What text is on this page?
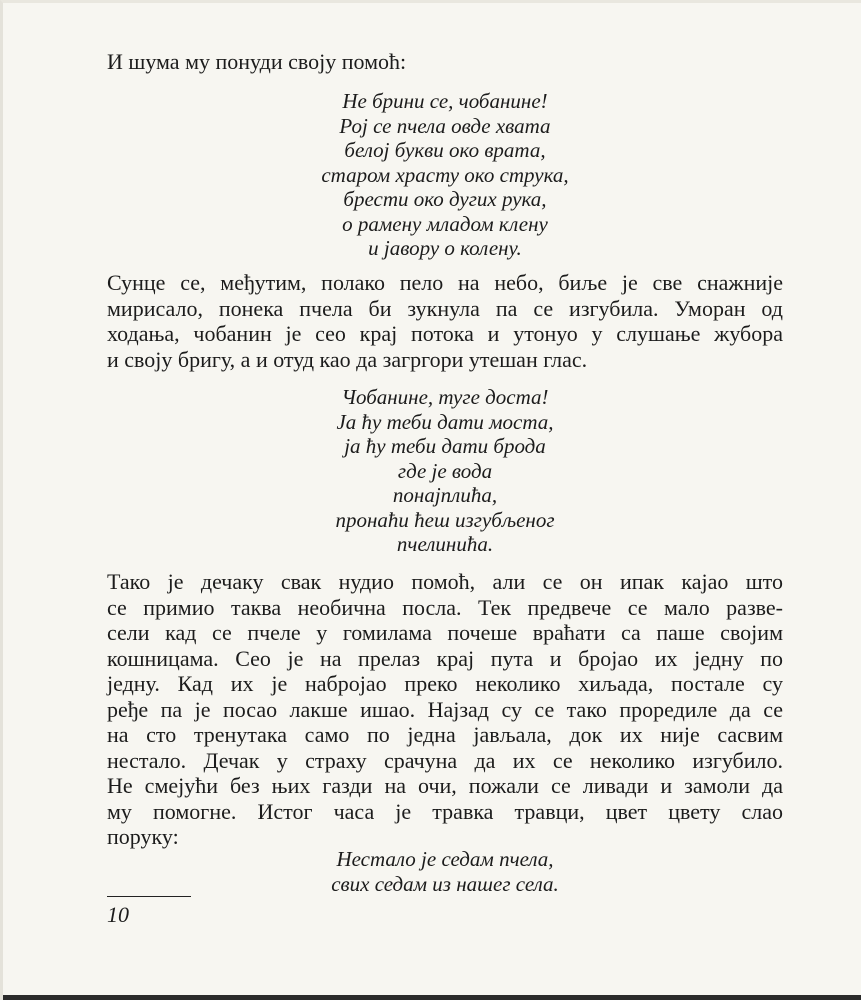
И шума му понуди своју помоћ:

Не брини се, чобанине!
Рој се пчела овде хвата
белој букви око врата,
старом храсту око струка,
брести око дугих рука,
о рамену младом клену
и јавору о колену.

Сунце се, међутим, полако пело на небо, биље је све снажније
мирисало, понека пчела би зукнула па се изгубила. Уморан од
ходања, чобанин је сео крај потока и утонуо у слушање жубора
и своју бригу, а и отуд као да загргори утешан глас.

Чобанине, туге доста!
Ја ћу теби дати моста,
ја ћу теби дати брода
где је вода
понајплића,
пронаћи ћеш изгубљеног
пчелинића.

Тако је дечаку свак нудио помоћ, али се он ипак кајао што
се примио таква необична посла. Тек предвече се мало разве-
сели кад се пчеле у гомилама почеше враћати са паше својим
кошницама. Сео је на прелаз крај пута и бројао их једну по
једну. Кад их је набројао преко неколико хиљада, постале су
ређе па је посао лакше ишао. Најзад су се тако проредиле да се
на сто тренутака само по једна јављала, док их није сасвим
нестало. Дечак у страху срачуна да их се неколико изгубило.
Не смејући без њих газди на очи, пожали се ливади и замоли да
му помогне. Истог часа је травка травци, цвет цвету слао
поруку:

Нестало је седам пчела,
свих седам из нашег села.
10
